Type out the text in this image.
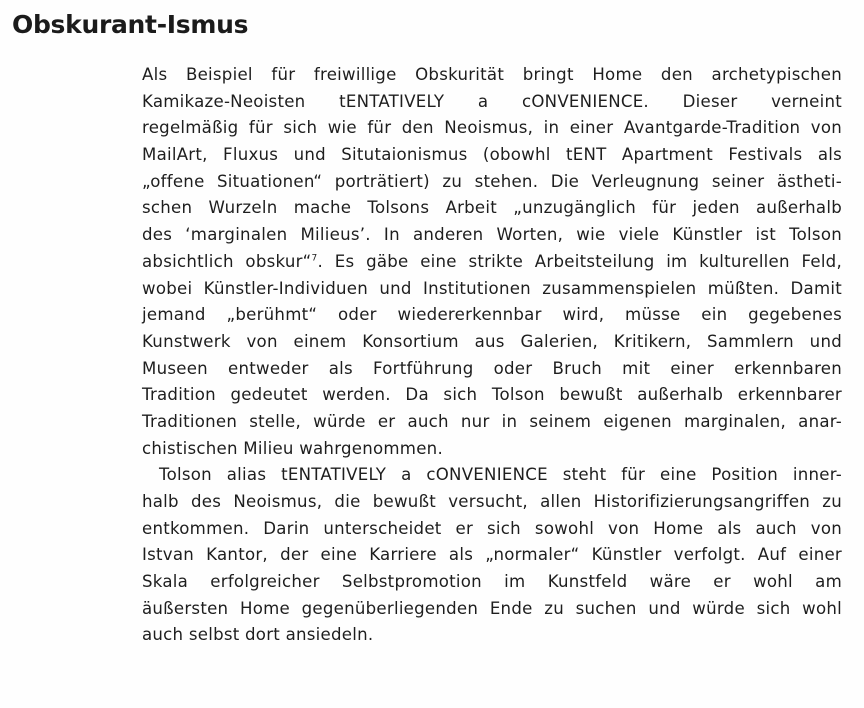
Obskurant-Ismus
Als Beispiel für freiwillige Obskurität bringt Home den archetypischen
Kamikaze-Neoisten tENTATIVELY a cONVENIENCE. Dieser verneint
regelmäßig für sich wie für den Neoismus, in einer Avantgarde-Tradition von
MailArt, Fluxus und Situtaionismus (obowhl tENT Apartment Festivals als
„offene Situationen“ porträtiert) zu stehen. Die Verleugnung seiner ästheti-
schen Wurzeln mache Tolsons Arbeit „unzugänglich für jeden außerhalb
des ‘marginalen Milieus’. In anderen Worten, wie viele Künstler ist Tolson
absichtlich obskur“$^7$. Es gäbe eine strikte Arbeitsteilung im kulturellen Feld,
wobei Künstler-Individuen und Institutionen zusammenspielen müßten. Damit
jemand „berühmt“ oder wiedererkennbar wird, müsse ein gegebenes
Kunstwerk von einem Konsortium aus Galerien, Kritikern, Sammlern und
Museen entweder als Fortführung oder Bruch mit einer erkennbaren
Tradition gedeutet werden. Da sich Tolson bewußt außerhalb erkennbarer
Traditionen stelle, würde er auch nur in seinem eigenen marginalen, anar-
chistischen Milieu wahrgenommen.
Tolson alias tENTATIVELY a cONVENIENCE steht für eine Position inner-
halb des Neoismus, die bewußt versucht, allen Historifizierungsangriffen zu
entkommen. Darin unterscheidet er sich sowohl von Home als auch von
Istvan Kantor, der eine Karriere als „normaler“ Künstler verfolgt. Auf einer
Skala erfolgreicher Selbstpromotion im Kunstfeld wäre er wohl am
äußersten Home gegenüberliegenden Ende zu suchen und würde sich wohl
auch selbst dort ansiedeln.
